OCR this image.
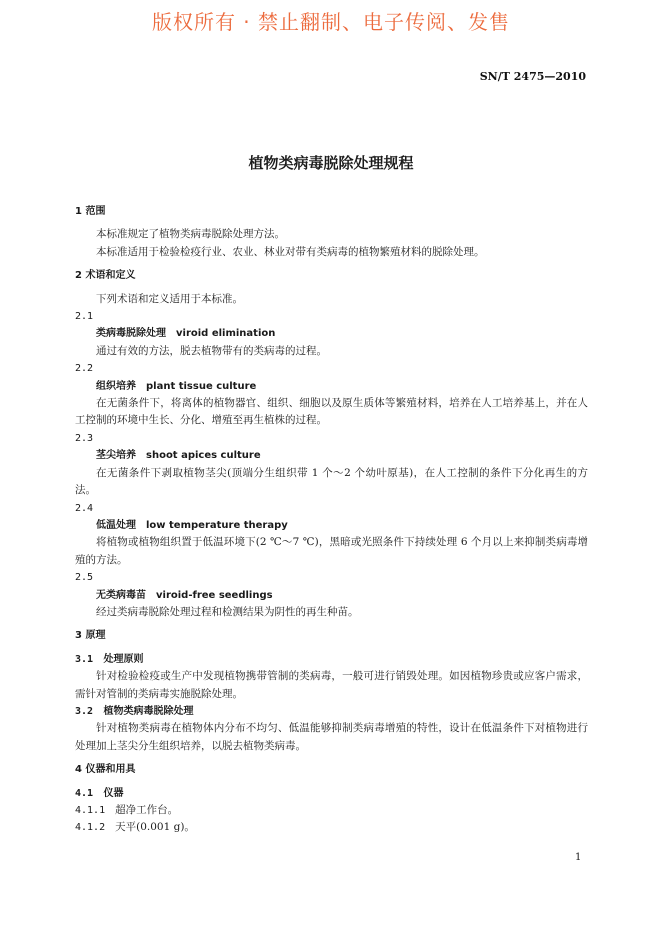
版权所有 · 禁止翻制、电子传阅、发售
SN/T 2475—2010
植物类病毒脱除处理规程
1 范围
本标准规定了植物类病毒脱除处理方法。
本标准适用于检验检疫行业、农业、林业对带有类病毒的植物繁殖材料的脱除处理。
2 术语和定义
下列术语和定义适用于本标准。
2.1
类病毒脱除处理 viroid elimination
通过有效的方法，脱去植物带有的类病毒的过程。
2.2
组织培养 plant tissue culture
在无菌条件下，将离体的植物器官、组织、细胞以及原生质体等繁殖材料，培养在人工培养基上，并在人工控制的环境中生长、分化、增殖至再生植株的过程。
2.3
茎尖培养 shoot apices culture
在无菌条件下剥取植物茎尖(顶端分生组织带 1 个～2 个幼叶原基)，在人工控制的条件下分化再生的方法。
2.4
低温处理 low temperature therapy
将植物或植物组织置于低温环境下(2 ℃～7 ℃)，黑暗或光照条件下持续处理 6 个月以上来抑制类病毒增殖的方法。
2.5
无类病毒苗 viroid-free seedlings
经过类病毒脱除处理过程和检测结果为阴性的再生种苗。
3 原理
3.1 处理原则
针对检验检疫或生产中发现植物携带管制的类病毒，一般可进行销毁处理。如因植物珍贵或应客户需求，需针对管制的类病毒实施脱除处理。
3.2 植物类病毒脱除处理
针对植物类病毒在植物体内分布不均匀、低温能够抑制类病毒增殖的特性，设计在低温条件下对植物进行处理加上茎尖分生组织培养，以脱去植物类病毒。
4 仪器和用具
4.1 仪器
4.1.1 超净工作台。
4.1.2 天平(0.001 g)。
1
